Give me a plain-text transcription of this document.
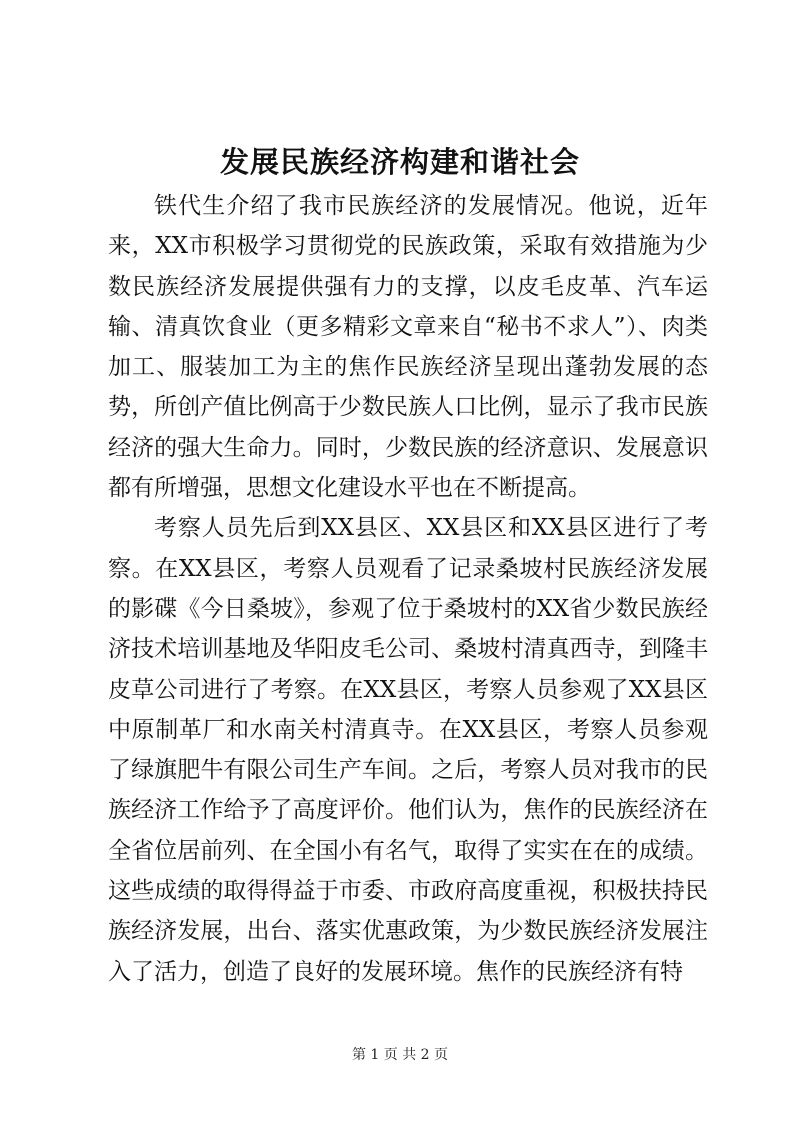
发展民族经济构建和谐社会

铁代生介绍了我市民族经济的发展情况。他说，近年来，XX市积极学习贯彻党的民族政策，采取有效措施为少数民族经济发展提供强有力的支撑，以皮毛皮革、汽车运输、清真饮食业（更多精彩文章来自“秘书不求人”）、肉类加工、服装加工为主的焦作民族经济呈现出蓬勃发展的态势，所创产值比例高于少数民族人口比例，显示了我市民族经济的强大生命力。同时，少数民族的经济意识、发展意识都有所增强，思想文化建设水平也在不断提高。

考察人员先后到XX县区、XX县区和XX县区进行了考察。在XX县区，考察人员观看了记录桑坡村民族经济发展的影碟《今日桑坡》，参观了位于桑坡村的XX省少数民族经济技术培训基地及华阳皮毛公司、桑坡村清真西寺，到隆丰皮草公司进行了考察。在XX县区，考察人员参观了XX县区中原制革厂和水南关村清真寺。在XX县区，考察人员参观了绿旗肥牛有限公司生产车间。之后，考察人员对我市的民族经济工作给予了高度评价。他们认为，焦作的民族经济在全省位居前列、在全国小有名气，取得了实实在在的成绩。这些成绩的取得得益于市委、市政府高度重视，积极扶持民族经济发展，出台、落实优惠政策，为少数民族经济发展注入了活力，创造了良好的发展环境。焦作的民族经济有特

第 1 页 共 2 页
